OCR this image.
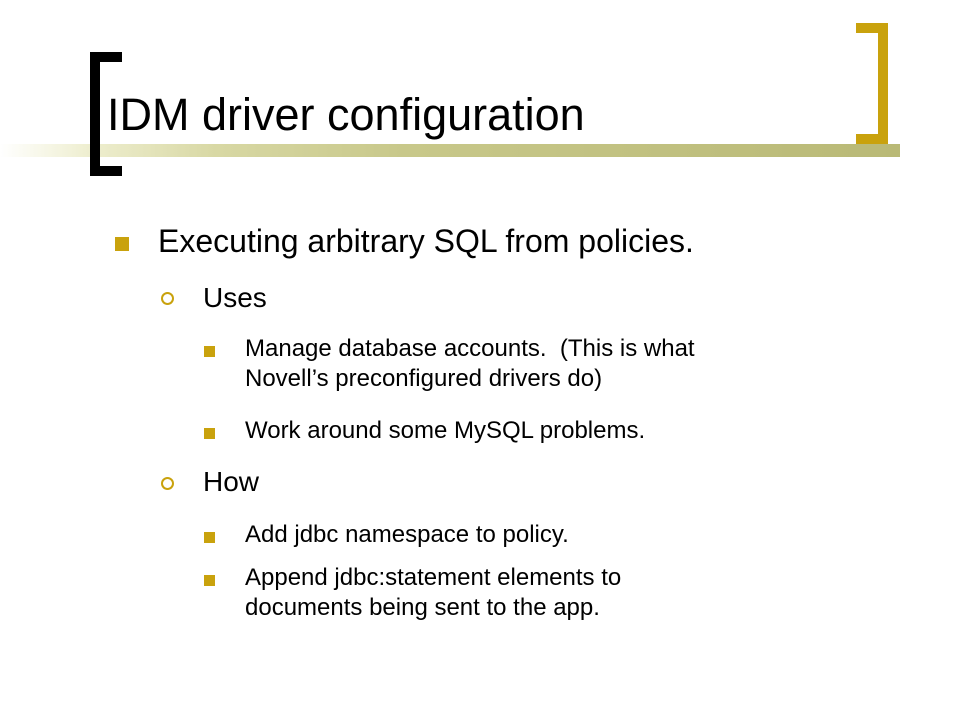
IDM driver configuration
Executing arbitrary SQL from policies.
Uses
Manage database accounts.  (This is what
Novell’s preconfigured drivers do)
Work around some MySQL problems.
How
Add jdbc namespace to policy.
Append jdbc:statement elements to
documents being sent to the app.
